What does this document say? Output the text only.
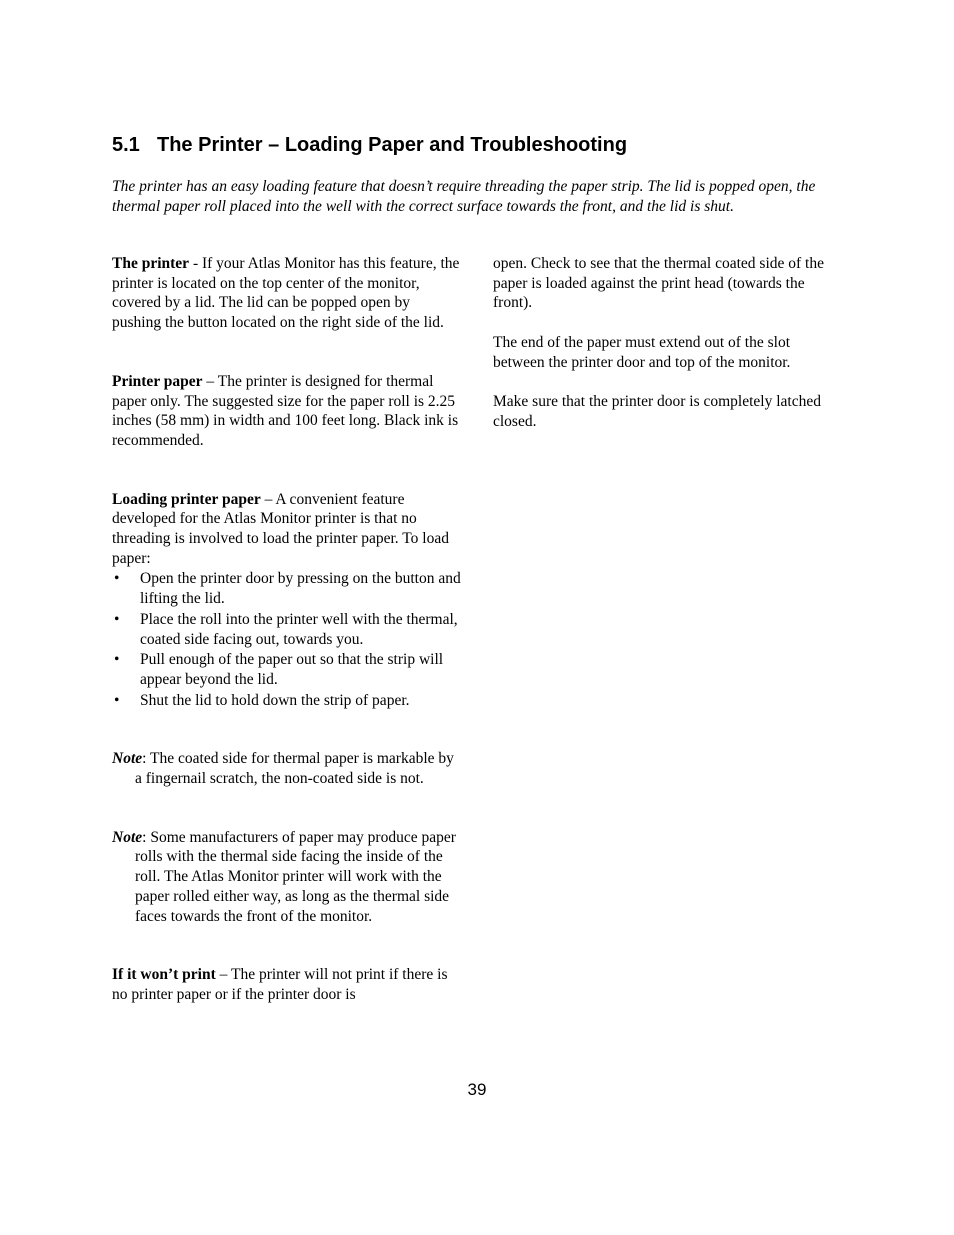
5.1 The Printer – Loading Paper and Troubleshooting

The printer has an easy loading feature that doesn’t require threading the paper strip. The lid is popped open, the thermal paper roll placed into the well with the correct surface towards the front, and the lid is shut.

The printer - If your Atlas Monitor has this feature, the printer is located on the top center of the monitor, covered by a lid. The lid can be popped open by pushing the button located on the right side of the lid.

Printer paper – The printer is designed for thermal paper only. The suggested size for the paper roll is 2.25 inches (58 mm) in width and 100 feet long. Black ink is recommended.

Loading printer paper – A convenient feature developed for the Atlas Monitor printer is that no threading is involved to load the printer paper. To load paper:

• Open the printer door by pressing on the button and lifting the lid.
• Place the roll into the printer well with the thermal, coated side facing out, towards you.
• Pull enough of the paper out so that the strip will appear beyond the lid.
• Shut the lid to hold down the strip of paper.

Note: The coated side for thermal paper is markable by a fingernail scratch, the non-coated side is not.

Note: Some manufacturers of paper may produce paper rolls with the thermal side facing the inside of the roll. The Atlas Monitor printer will work with the paper rolled either way, as long as the thermal side faces towards the front of the monitor.

If it won’t print – The printer will not print if there is no printer paper or if the printer door is

open. Check to see that the thermal coated side of the paper is loaded against the print head (towards the front).

The end of the paper must extend out of the slot between the printer door and top of the monitor.

Make sure that the printer door is completely latched closed.

39
